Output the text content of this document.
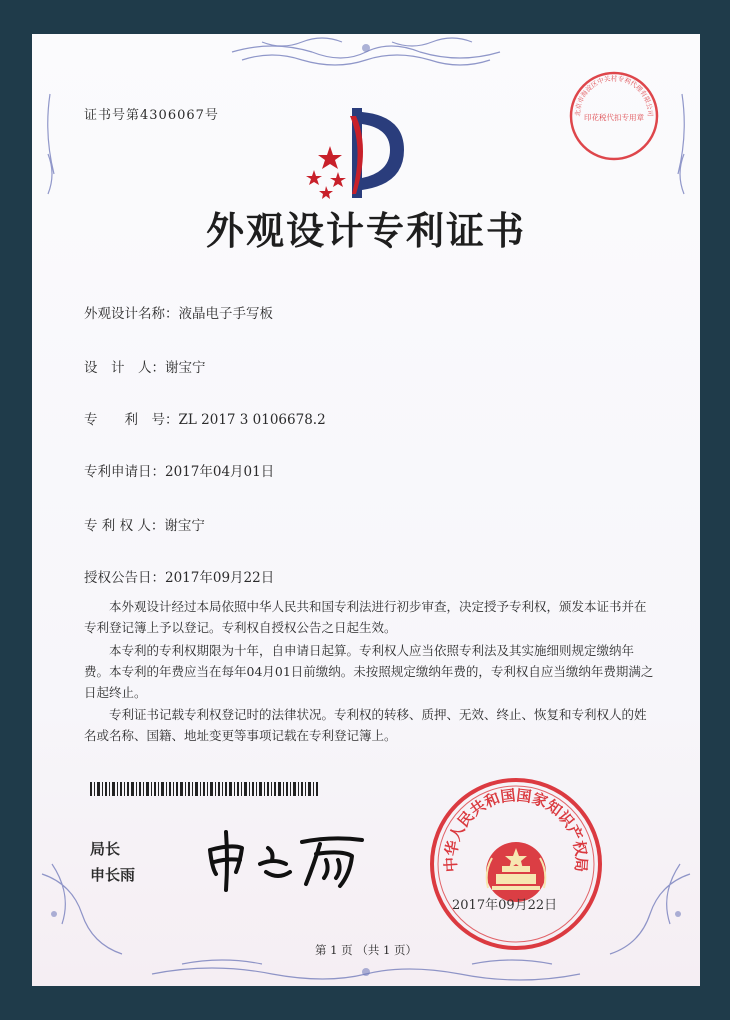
证书号第4306067号
外观设计专利证书
外观设计名称：液晶电子手写板
设　计　人：谢宝宁
专　　利　号：ZL 2017 3 0106678.2
专利申请日：2017年04月01日
专 利 权 人：谢宝宁
授权公告日：2017年09月22日
本外观设计经过本局依照中华人民共和国专利法进行初步审查，决定授予专利权，颁发本证书并在专利登记簿上予以登记。专利权自授权公告之日起生效。
本专利的专利权期限为十年，自申请日起算。专利权人应当依照专利法及其实施细则规定缴纳年费。本专利的年费应当在每年04月01日前缴纳。未按照规定缴纳年费的，专利权自应当缴纳年费期满之日起终止。
专利证书记载专利权登记时的法律状况。专利权的转移、质押、无效、终止、恢复和专利权人的姓名或名称、国籍、地址变更等事项记载在专利登记簿上。
局长
申长雨
中华人民共和国国家知识产权局
2017年09月22日
北京市海淀区中关村专利代理有限公司
印花税代扣专用章
第 1 页 （共 1 页）
